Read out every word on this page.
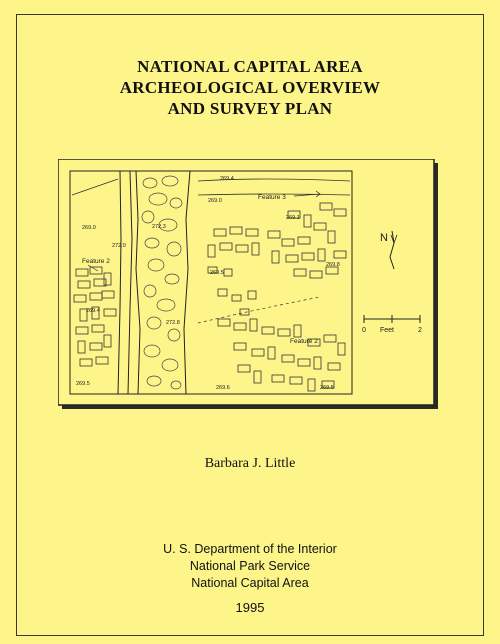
NATIONAL CAPITAL AREA
ARCHEOLOGICAL OVERVIEW
AND SURVEY PLAN
269.4
269.0
269.0	272.3
272.0
269.1
269.5
269.8
269.4
272.8
269.5
269.6	269.5
Feature 3
Feature 2
Feature 2
N
0 Feet	2
Barbara J. Little
U. S. Department of the Interior
National Park Service
National Capital Area
1995
